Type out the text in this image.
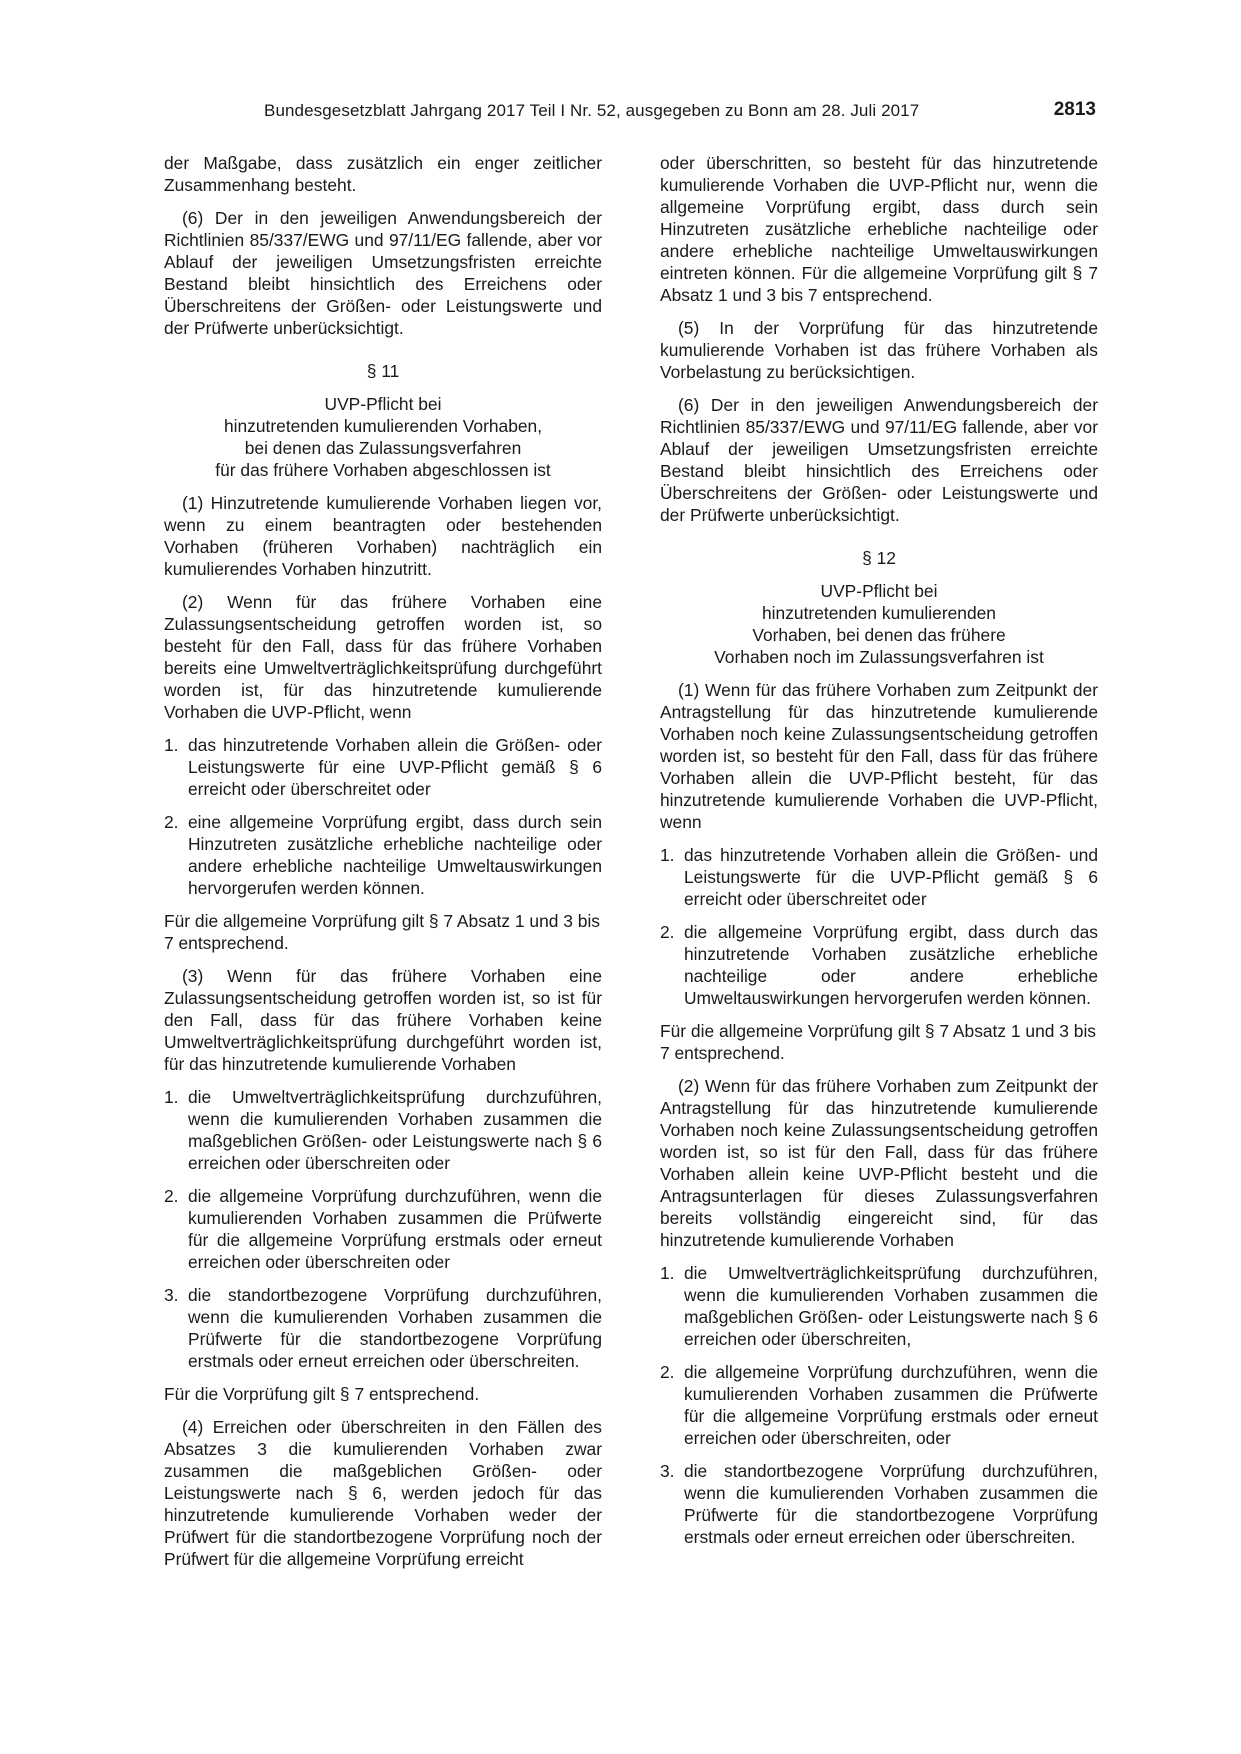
Bundesgesetzblatt Jahrgang 2017 Teil I Nr. 52, ausgegeben zu Bonn am 28. Juli 2017	2813

der Maßgabe, dass zusätzlich ein enger zeitlicher Zusammenhang besteht.

(6) Der in den jeweiligen Anwendungsbereich der Richtlinien 85/337/EWG und 97/11/EG fallende, aber vor Ablauf der jeweiligen Umsetzungsfristen erreichte Bestand bleibt hinsichtlich des Erreichens oder Überschreitens der Größen- oder Leistungswerte und der Prüfwerte unberücksichtigt.

§ 11
UVP-Pflicht bei
hinzutretenden kumulierenden Vorhaben,
bei denen das Zulassungsverfahren
für das frühere Vorhaben abgeschlossen ist

(1) Hinzutretende kumulierende Vorhaben liegen vor, wenn zu einem beantragten oder bestehenden Vorhaben (früheren Vorhaben) nachträglich ein kumulierendes Vorhaben hinzutritt.

(2) Wenn für das frühere Vorhaben eine Zulassungsentscheidung getroffen worden ist, so besteht für den Fall, dass für das frühere Vorhaben bereits eine Umweltverträglichkeitsprüfung durchgeführt worden ist, für das hinzutretende kumulierende Vorhaben die UVP-Pflicht, wenn

1. das hinzutretende Vorhaben allein die Größen- oder Leistungswerte für eine UVP-Pflicht gemäß § 6 erreicht oder überschreitet oder
2. eine allgemeine Vorprüfung ergibt, dass durch sein Hinzutreten zusätzliche erhebliche nachteilige oder andere erhebliche nachteilige Umweltauswirkungen hervorgerufen werden können.

Für die allgemeine Vorprüfung gilt § 7 Absatz 1 und 3 bis 7 entsprechend.

(3) Wenn für das frühere Vorhaben eine Zulassungsentscheidung getroffen worden ist, so ist für den Fall, dass für das frühere Vorhaben keine Umweltverträglichkeitsprüfung durchgeführt worden ist, für das hinzutretende kumulierende Vorhaben

1. die Umweltverträglichkeitsprüfung durchzuführen, wenn die kumulierenden Vorhaben zusammen die maßgeblichen Größen- oder Leistungswerte nach § 6 erreichen oder überschreiten oder
2. die allgemeine Vorprüfung durchzuführen, wenn die kumulierenden Vorhaben zusammen die Prüfwerte für die allgemeine Vorprüfung erstmals oder erneut erreichen oder überschreiten oder
3. die standortbezogene Vorprüfung durchzuführen, wenn die kumulierenden Vorhaben zusammen die Prüfwerte für die standortbezogene Vorprüfung erstmals oder erneut erreichen oder überschreiten.

Für die Vorprüfung gilt § 7 entsprechend.

(4) Erreichen oder überschreiten in den Fällen des Absatzes 3 die kumulierenden Vorhaben zwar zusammen die maßgeblichen Größen- oder Leistungswerte nach § 6, werden jedoch für das hinzutretende kumulierende Vorhaben weder der Prüfwert für die standortbezogene Vorprüfung noch der Prüfwert für die allgemeine Vorprüfung erreicht

oder überschritten, so besteht für das hinzutretende kumulierende Vorhaben die UVP-Pflicht nur, wenn die allgemeine Vorprüfung ergibt, dass durch sein Hinzutreten zusätzliche erhebliche nachteilige oder andere erhebliche nachteilige Umweltauswirkungen eintreten können. Für die allgemeine Vorprüfung gilt § 7 Absatz 1 und 3 bis 7 entsprechend.

(5) In der Vorprüfung für das hinzutretende kumulierende Vorhaben ist das frühere Vorhaben als Vorbelastung zu berücksichtigen.

(6) Der in den jeweiligen Anwendungsbereich der Richtlinien 85/337/EWG und 97/11/EG fallende, aber vor Ablauf der jeweiligen Umsetzungsfristen erreichte Bestand bleibt hinsichtlich des Erreichens oder Überschreitens der Größen- oder Leistungswerte und der Prüfwerte unberücksichtigt.

§ 12
UVP-Pflicht bei
hinzutretenden kumulierenden
Vorhaben, bei denen das frühere
Vorhaben noch im Zulassungsverfahren ist

(1) Wenn für das frühere Vorhaben zum Zeitpunkt der Antragstellung für das hinzutretende kumulierende Vorhaben noch keine Zulassungsentscheidung getroffen worden ist, so besteht für den Fall, dass für das frühere Vorhaben allein die UVP-Pflicht besteht, für das hinzutretende kumulierende Vorhaben die UVP-Pflicht, wenn

1. das hinzutretende Vorhaben allein die Größen- und Leistungswerte für die UVP-Pflicht gemäß § 6 erreicht oder überschreitet oder
2. die allgemeine Vorprüfung ergibt, dass durch das hinzutretende Vorhaben zusätzliche erhebliche nachteilige oder andere erhebliche Umweltauswirkungen hervorgerufen werden können.

Für die allgemeine Vorprüfung gilt § 7 Absatz 1 und 3 bis 7 entsprechend.

(2) Wenn für das frühere Vorhaben zum Zeitpunkt der Antragstellung für das hinzutretende kumulierende Vorhaben noch keine Zulassungsentscheidung getroffen worden ist, so ist für den Fall, dass für das frühere Vorhaben allein keine UVP-Pflicht besteht und die Antragsunterlagen für dieses Zulassungsverfahren bereits vollständig eingereicht sind, für das hinzutretende kumulierende Vorhaben

1. die Umweltverträglichkeitsprüfung durchzuführen, wenn die kumulierenden Vorhaben zusammen die maßgeblichen Größen- oder Leistungswerte nach § 6 erreichen oder überschreiten,
2. die allgemeine Vorprüfung durchzuführen, wenn die kumulierenden Vorhaben zusammen die Prüfwerte für die allgemeine Vorprüfung erstmals oder erneut erreichen oder überschreiten, oder
3. die standortbezogene Vorprüfung durchzuführen, wenn die kumulierenden Vorhaben zusammen die Prüfwerte für die standortbezogene Vorprüfung erstmals oder erneut erreichen oder überschreiten.
